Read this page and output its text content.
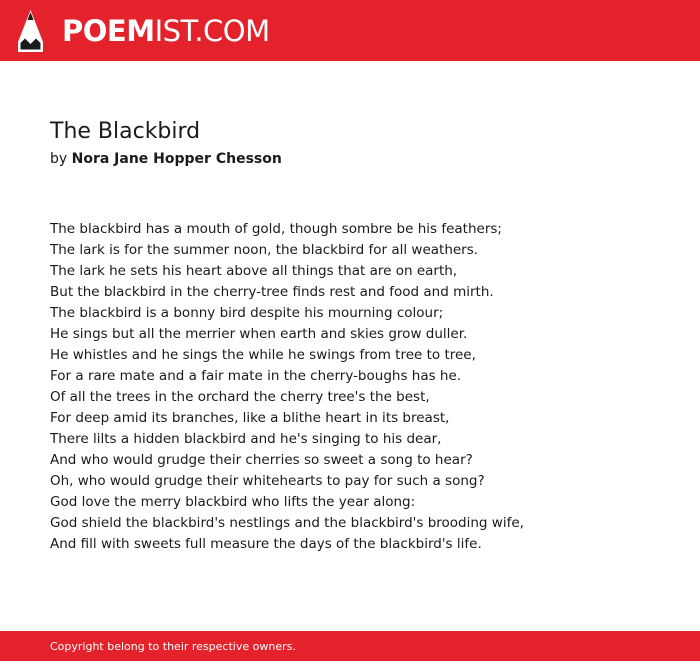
POEMIST.COM
The Blackbird
by Nora Jane Hopper Chesson
The blackbird has a mouth of gold, though sombre be his feathers;
The lark is for the summer noon, the blackbird for all weathers.
The lark he sets his heart above all things that are on earth,
But the blackbird in the cherry-tree finds rest and food and mirth.
The blackbird is a bonny bird despite his mourning colour;
He sings but all the merrier when earth and skies grow duller.
He whistles and he sings the while he swings from tree to tree,
For a rare mate and a fair mate in the cherry-boughs has he.
Of all the trees in the orchard the cherry tree's the best,
For deep amid its branches, like a blithe heart in its breast,
There lilts a hidden blackbird and he's singing to his dear,
And who would grudge their cherries so sweet a song to hear?
Oh, who would grudge their whitehearts to pay for such a song?
God love the merry blackbird who lifts the year along:
God shield the blackbird's nestlings and the blackbird's brooding wife,
And fill with sweets full measure the days of the blackbird's life.
Copyright belong to their respective owners.
